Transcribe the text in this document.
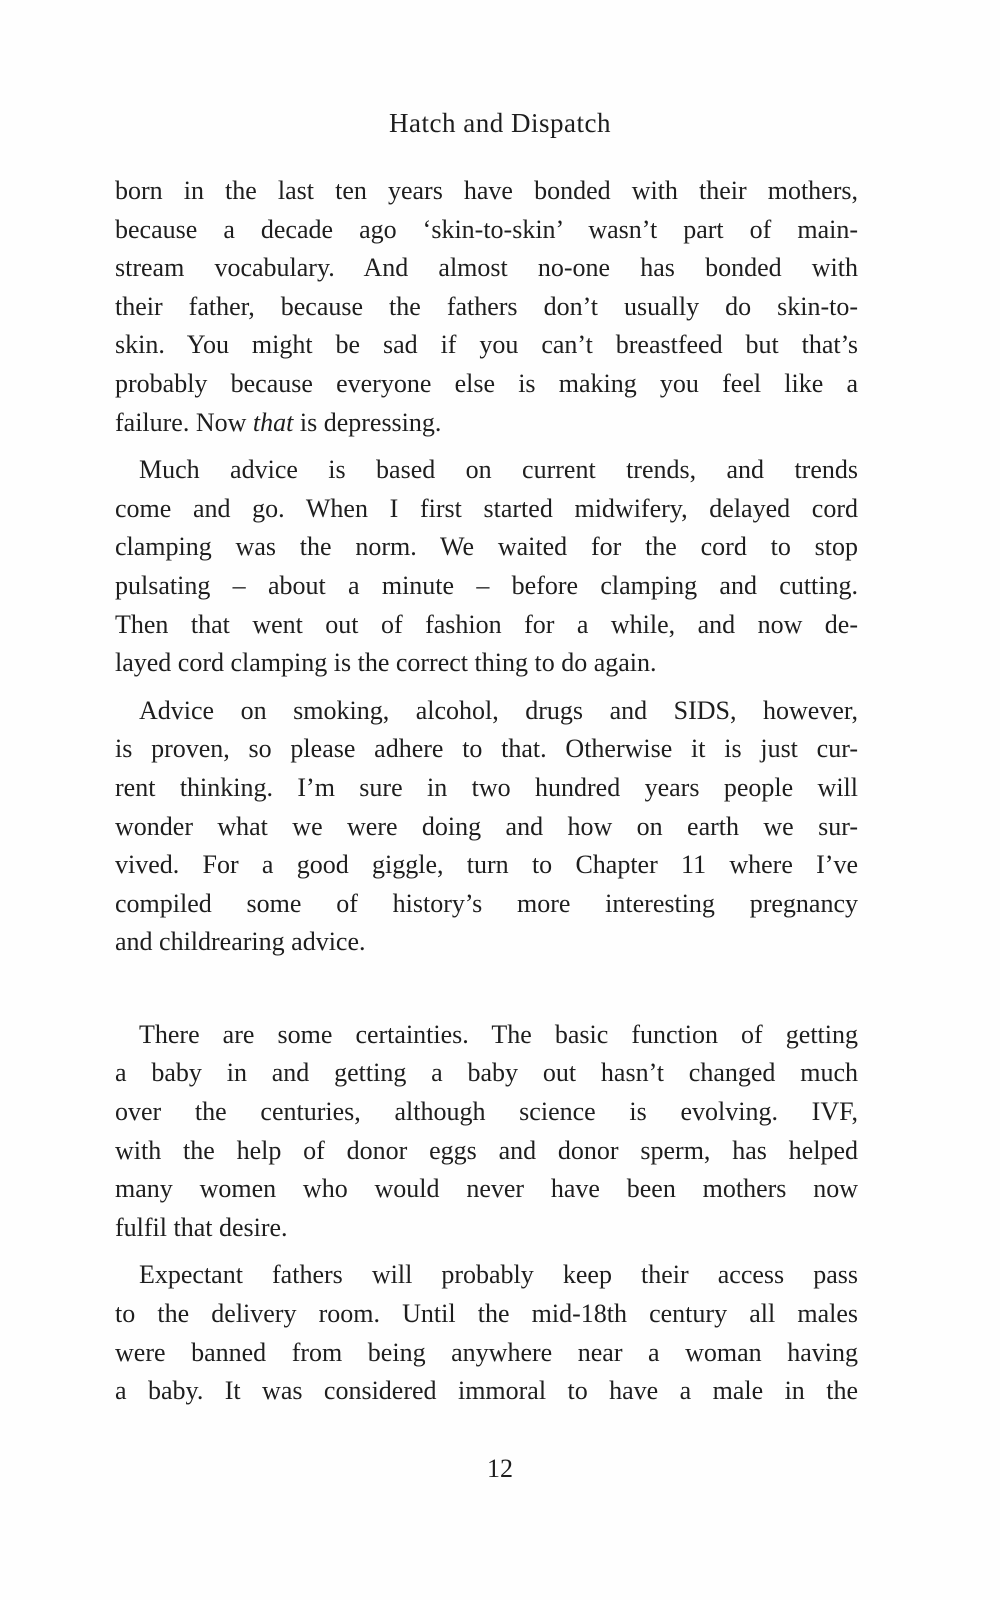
Hatch and Dispatch
born in the last ten years have bonded with their mothers,
because a decade ago ‘skin-to-skin’ wasn’t part of main-
stream vocabulary. And almost no-one has bonded with
their father, because the fathers don’t usually do skin-to-
skin. You might be sad if you can’t breastfeed but that’s
probably because everyone else is making you feel like a
failure. Now that is depressing.
Much advice is based on current trends, and trends
come and go. When I first started midwifery, delayed cord
clamping was the norm. We waited for the cord to stop
pulsating – about a minute – before clamping and cutting.
Then that went out of fashion for a while, and now de-
layed cord clamping is the correct thing to do again.
Advice on smoking, alcohol, drugs and SIDS, however,
is proven, so please adhere to that. Otherwise it is just cur-
rent thinking. I’m sure in two hundred years people will
wonder what we were doing and how on earth we sur-
vived. For a good giggle, turn to Chapter 11 where I’ve
compiled some of history’s more interesting pregnancy
and childrearing advice.
There are some certainties. The basic function of getting
a baby in and getting a baby out hasn’t changed much
over the centuries, although science is evolving. IVF,
with the help of donor eggs and donor sperm, has helped
many women who would never have been mothers now
fulfil that desire.
Expectant fathers will probably keep their access pass
to the delivery room. Until the mid-18th century all males
were banned from being anywhere near a woman having
a baby. It was considered immoral to have a male in the
12
